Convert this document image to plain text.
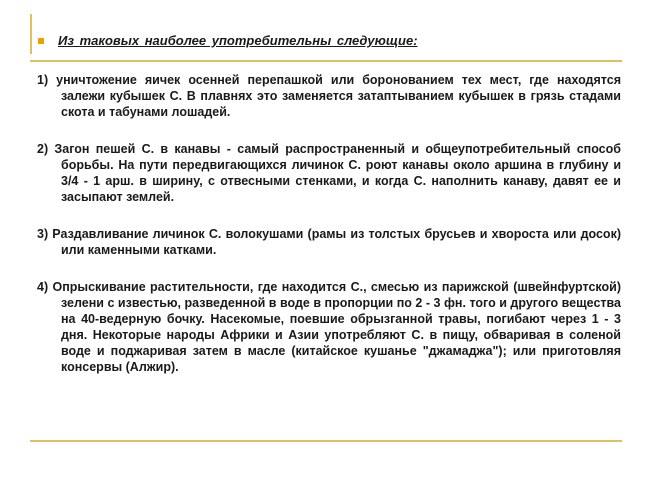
Из таковых наиболее употребительны следующие:

1) уничтожение яичек осенней перепашкой или боронованием тех мест, где находятся залежи кубышек С. В плавнях это заменяется затаптыванием кубышек в грязь стадами скота и табунами лошадей.

2) Загон пешей С. в канавы - самый распространенный и общеупотребительный способ борьбы. На пути передвигающихся личинок С. роют канавы около аршина в глубину и 3/4 - 1 арш. в ширину, с отвесными стенками, и когда С. наполнить канаву, давят ее и засыпают землей.

3) Раздавливание личинок С. волокушами (рамы из толстых брусьев и хвороста или досок) или каменными катками.

4) Опрыскивание растительности, где находится С., смесью из парижской (швейнфуртской) зелени с известью, разведенной в воде в пропорции по 2 - 3 фн. того и другого вещества на 40-ведерную бочку. Насекомые, поевшие обрызганной травы, погибают через 1 - 3 дня. Некоторые народы Африки и Азии употребляют С. в пищу, обваривая в соленой воде и поджаривая затем в масле (китайское кушанье "джамаджа"); или приготовляя консервы (Алжир).
